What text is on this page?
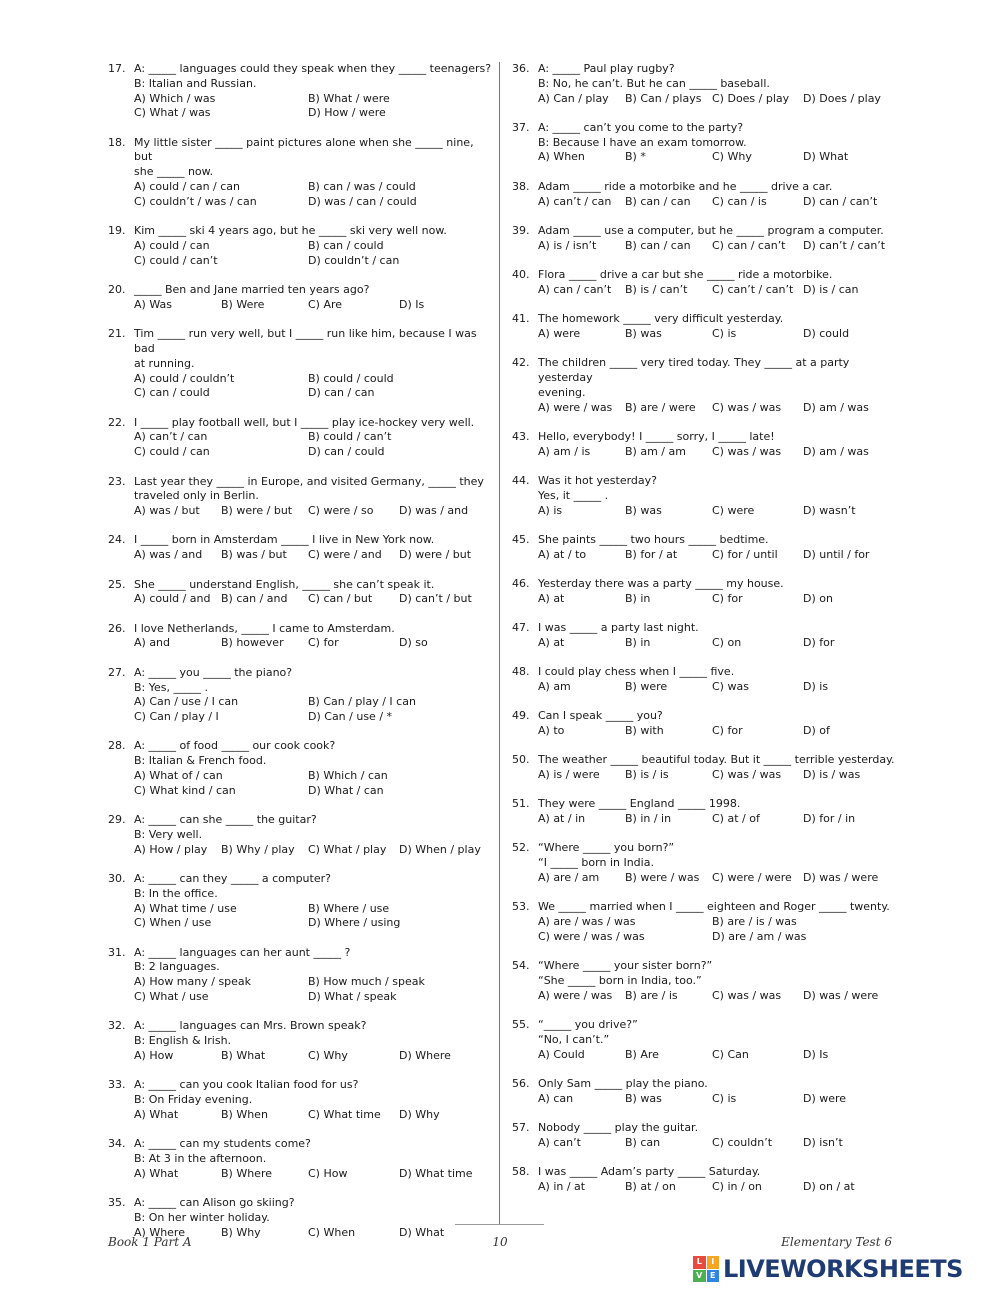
17. A: _____ languages could they speak when they _____ teenagers?
B: Italian and Russian.
A) Which / was	B) What / were
C) What / was	D) How / were
18. My little sister _____ paint pictures alone when she _____ nine, but
she _____ now.
A) could / can / can	B) can / was / could
C) couldn’t / was / can	D) was / can / could
19. Kim _____ ski 4 years ago, but he _____ ski very well now.
A) could / can	B) can / could
C) could / can’t	D) couldn’t / can
20. _____ Ben and Jane married ten years ago?
A) Was	B) Were	C) Are	D) Is
21. Tim _____ run very well, but I _____ run like him, because I was bad
at running.
A) could / couldn’t	B) could / could
C) can / could	D) can / can
22. I _____ play football well, but I _____ play ice-hockey very well.
A) can’t / can	B) could / can’t
C) could / can	D) can / could
23. Last year they _____ in Europe, and visited Germany, _____ they
traveled only in Berlin.
A) was / but	B) were / but	C) were / so	D) was / and
24. I _____ born in Amsterdam _____ I live in New York now.
A) was / and	B) was / but	C) were / and	D) were / but
25. She _____ understand English, _____ she can’t speak it.
A) could / and B) can / and	C) can / but	D) can’t / but
26. I love Netherlands, _____ I came to Amsterdam.
A) and	B) however	C) for	D) so
27. A: _____ you _____ the piano?
B: Yes, _____ .
A) Can / use / I can	B) Can / play / I can
C) Can / play / I	D) Can / use / *
28. A: _____ of food _____ our cook cook?
B: Italian & French food.
A) What of / can	B) Which / can
C) What kind / can	D) What / can
29. A: _____ can she _____ the guitar?
B: Very well.
A) How / play	B) Why / play	C) What / play	D) When / play
30. A: _____ can they _____ a computer?
B: In the office.
A) What time / use	B) Where / use
C) When / use	D) Where / using
31. A: _____ languages can her aunt _____ ?
B: 2 languages.
A) How many / speak	B) How much / speak
C) What / use	D) What / speak
32. A: _____ languages can Mrs. Brown speak?
B: English & Irish.
A) How	B) What	C) Why	D) Where
33. A: _____ can you cook Italian food for us?
B: On Friday evening.
A) What	B) When	C) What time	D) Why
34. A: _____ can my students come?
B: At 3 in the afternoon.
A) What	B) Where	C) How	D) What time
35. A: _____ can Alison go skiing?
B: On her winter holiday.
A) Where	B) Why	C) When	D) What
36. A: _____ Paul play rugby?
B: No, he can’t. But he can _____ baseball.
A) Can / play	B) Can / plays C) Does / play	D) Does / play
37. A: _____ can’t you come to the party?
B: Because I have an exam tomorrow.
A) When	B) *	C) Why	D) What
38. Adam _____ ride a motorbike and he _____ drive a car.
A) can’t / can	B) can / can	C) can / is	D) can / can’t
39. Adam _____ use a computer, but he _____ program a computer.
A) is / isn’t	B) can / can	C) can / can’t	D) can’t / can’t
40. Flora _____ drive a car but she _____ ride a motorbike.
A) can / can’t	B) is / can’t	C) can’t / can’t D) is / can
41. The homework _____ very difficult yesterday.
A) were	B) was	C) is	D) could
42. The children _____ very tired today. They _____ at a party yesterday
evening.
A) were / was	B) are / were	C) was / was	D) am / was
43. Hello, everybody! I _____ sorry, I _____ late!
A) am / is	B) am / am	C) was / was	D) am / was
44. Was it hot yesterday?
Yes, it _____ .
A) is	B) was	C) were	D) wasn’t
45. She paints _____ two hours _____ bedtime.
A) at / to	B) for / at	C) for / until	D) until / for
46. Yesterday there was a party _____ my house.
A) at	B) in	C) for	D) on
47. I was _____ a party last night.
A) at	B) in	C) on	D) for
48. I could play chess when I _____ five.
A) am	B) were	C) was	D) is
49. Can I speak _____ you?
A) to	B) with	C) for	D) of
50. The weather _____ beautiful today. But it _____ terrible yesterday.
A) is / were	B) is / is	C) was / was	D) is / was
51. They were _____ England _____ 1998.
A) at / in	B) in / in	C) at / of	D) for / in
52. “Where _____ you born?”
“I _____ born in India.
A) are / am	B) were / was	C) were / were	D) was / were
53. We _____ married when I _____ eighteen and Roger _____ twenty.
A) are / was / was	B) are / is / was
C) were / was / was	D) are / am / was
54. “Where _____ your sister born?”
“She _____ born in India, too.”
A) were / was	B) are / is	C) was / was	D) was / were
55. “_____ you drive?”
“No, I can’t.”
A) Could	B) Are	C) Can	D) Is
56. Only Sam _____ play the piano.
A) can	B) was	C) is	D) were
57. Nobody _____ play the guitar.
A) can’t	B) can	C) couldn’t	D) isn’t
58. I was _____ Adam’s party _____ Saturday.
A) in / at	B) at / on	C) in / on	D) on / at
Book 1 Part A	10	Elementary Test 6
L	I
V E LIVEWORKSHEETS
